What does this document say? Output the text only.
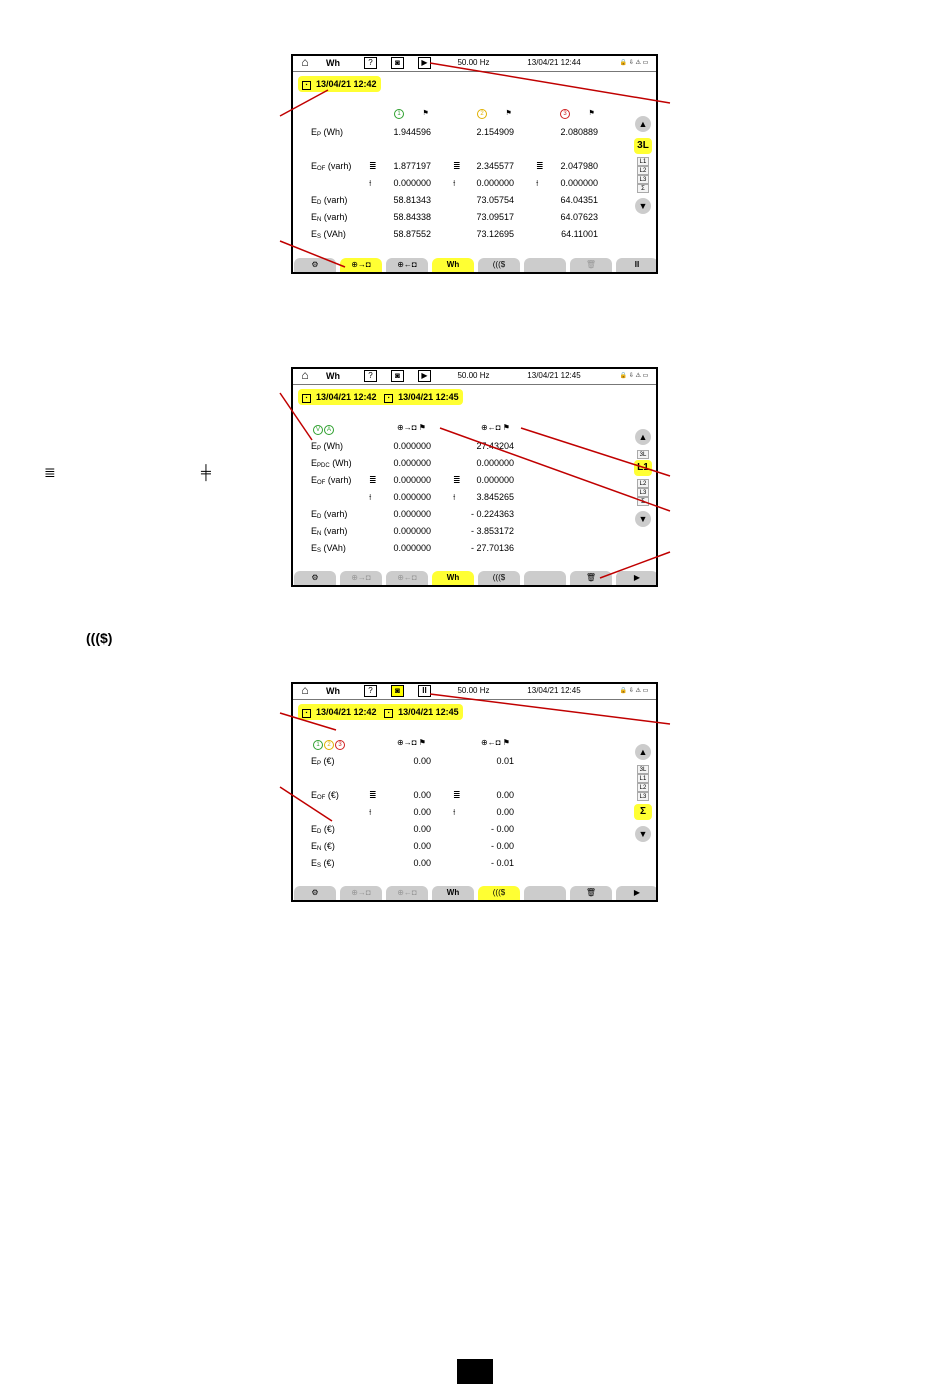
⌂	Wh	?	◙	▶	50.00 Hz	13/04/21 12:44	🔒 ⇩ ⚠ ▭
▪ 13/04/21 12:42
1	⚑	2	⚑	3	⚑
▲
3L
L1
L2
L3
Σ
▼
⚙	⊕→◘	⊕←◘	Wh	((($	🗑	II
$E_P$ (Wh)	1.944596	2.154909	2.080889
$E_{OF}$ (varh) ≣	1.877197 ≣	2.345577 ≣	2.047980
⟊	0.000000 ⟊	0.000000 ⟊	0.000000
$E_D$ (varh)	58.81343	73.05754	64.04351
$E_N$ (varh)	58.84338	73.09517	64.07623
$E_S$ (VAh)	58.87552	73.12695	64.11001
⌂	Wh	?	◙	▶	50.00 Hz	13/04/21 12:45	🔒 ⇩ ⚠ ▭
▪ 13/04/21 12:42 ▪ 13/04/21 12:45
V A	⊕→◘ ⚑	⊕←◘ ⚑
▲
3L
L1
L2
L3
Σ
▼
⚙	⊕→◘	⊕←◘	Wh	((($	🗑	▶
$E_P$ (Wh)	0.000000	27.43204
$E_{PDC}$ (Wh)	0.000000	0.000000
$E_{OF}$ (varh) ≣	0.000000 ≣	0.000000
⟊	0.000000 ⟊	3.845265
$E_D$ (varh)	0.000000	- 0.224363
$E_N$ (varh)	0.000000	- 3.853172
$E_S$ (VAh)	0.000000	- 27.70136
⌂	Wh	?	◙	II	50.00 Hz	13/04/21 12:45	🔒 ⇩ ⚠ ▭
▪ 13/04/21 12:42 ▪ 13/04/21 12:45
1 2 3	⊕→◘ ⚑	⊕←◘ ⚑
▲
3L
L1
L2
L3
Σ
▼
⚙	⊕→◘	⊕←◘	Wh	((($	🗑	▶
$E_P$ (€)	0.00	0.01
$E_{OF}$ (€)	≣	0.00 ≣	0.00
⟊	0.00 ⟊	0.00
$E_D$ (€)	0.00	- 0.00
$E_N$ (€)	0.00	- 0.00
$E_S$ (€)	0.00	- 0.01
≣	╪
((($)
